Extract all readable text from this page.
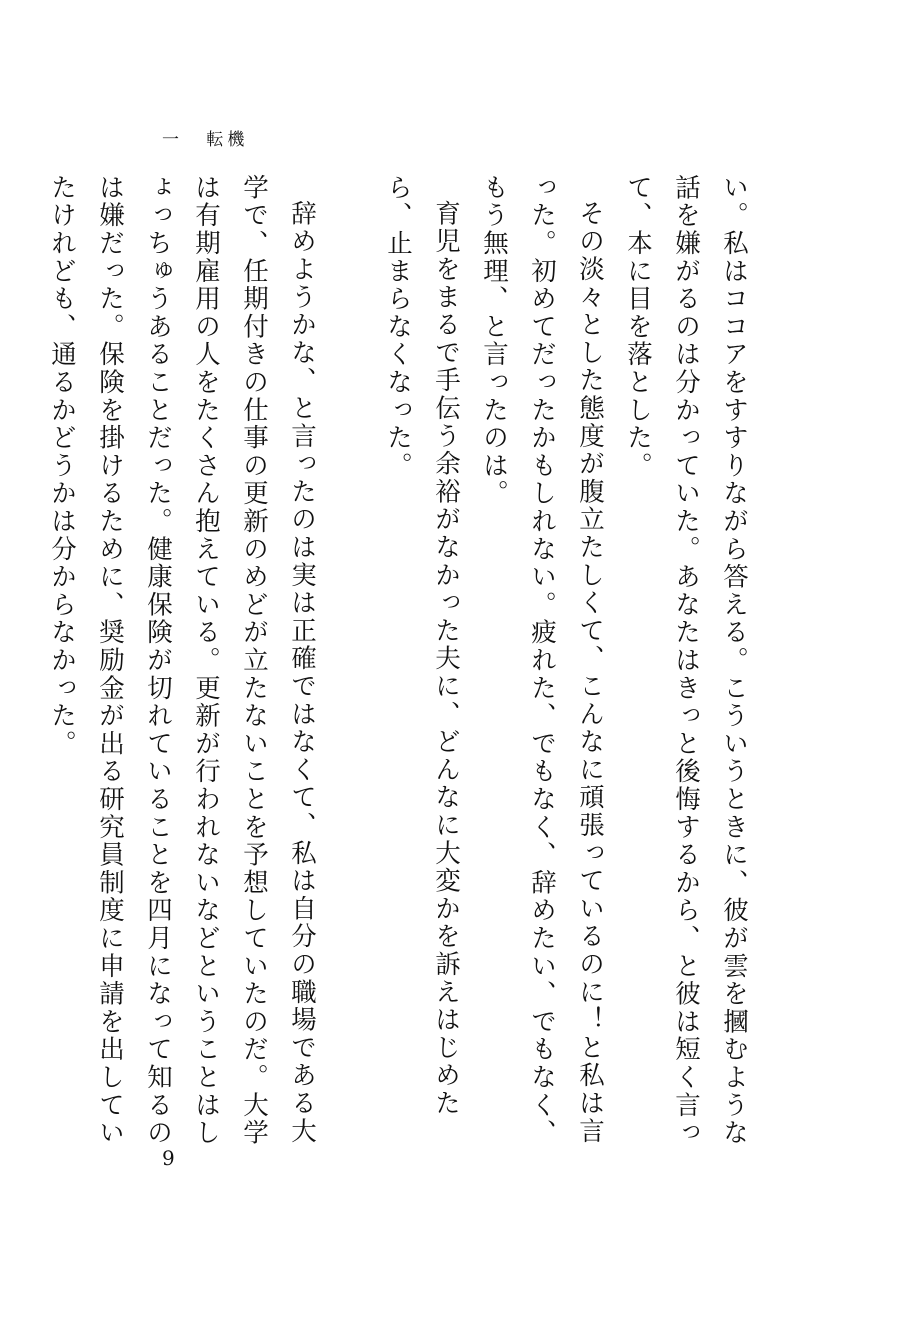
一 転機

い。私はココアをすすりながら答える。こういうときに、彼が雲を摑むような話を嫌がるのは分かっていた。あなたはきっと後悔するから、と彼は短く言って、本に目を落とした。

その淡々とした態度が腹立たしくて、こんなに頑張っているのに！と私は言った。初めてだったかもしれない。疲れた、でもなく、辞めたい、でもなく、もう無理、と言ったのは。

育児をまるで手伝う余裕がなかった夫に、どんなに大変かを訴えはじめたら、止まらなくなった。

辞めようかな、と言ったのは実は正確ではなくて、私は自分の職場である大学で、任期付きの仕事の更新のめどが立たないことを予想していたのだ。大学は有期雇用の人をたくさん抱えている。更新が行われないなどということはしょっちゅうあることだった。健康保険が切れていることを四月になって知るのは嫌だった。保険を掛けるために、奨励金が出る研究員制度に申請を出していたけれども、通るかどうかは分からなかった。

9
